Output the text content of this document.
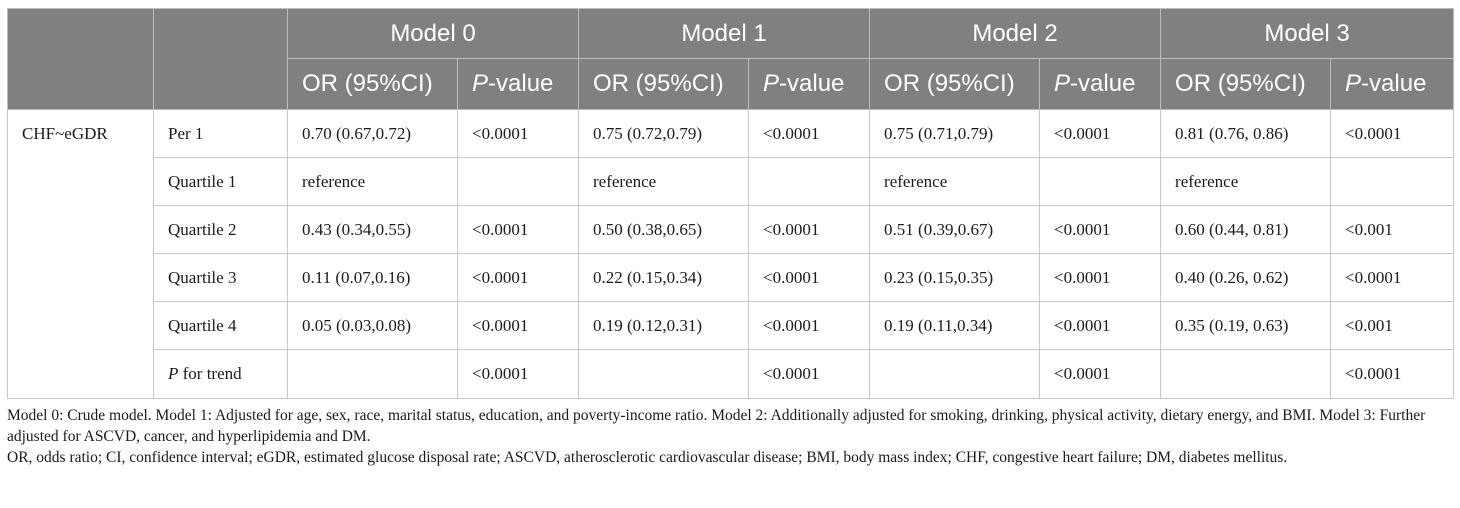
		Model 0		Model 1		Model 2		Model 3	
		OR (95%CI)	P-value	OR (95%CI)	P-value	OR (95%CI)	P-value	OR (95%CI)	P-value
CHF~eGDR	Per 1	0.70 (0.67,0.72)	<0.0001	0.75 (0.72,0.79)	<0.0001	0.75 (0.71,0.79)	<0.0001	0.81 (0.76, 0.86)	<0.0001
	Quartile 1	reference		reference		reference		reference	
	Quartile 2	0.43 (0.34,0.55)	<0.0001	0.50 (0.38,0.65)	<0.0001	0.51 (0.39,0.67)	<0.0001	0.60 (0.44, 0.81)	<0.001
	Quartile 3	0.11 (0.07,0.16)	<0.0001	0.22 (0.15,0.34)	<0.0001	0.23 (0.15,0.35)	<0.0001	0.40 (0.26, 0.62)	<0.0001
	Quartile 4	0.05 (0.03,0.08)	<0.0001	0.19 (0.12,0.31)	<0.0001	0.19 (0.11,0.34)	<0.0001	0.35 (0.19, 0.63)	<0.001
	P for trend		<0.0001		<0.0001		<0.0001		<0.0001

Model 0: Crude model. Model 1: Adjusted for age, sex, race, marital status, education, and poverty-income ratio. Model 2: Additionally adjusted for smoking, drinking, physical activity, dietary energy, and BMI. Model 3: Further adjusted for ASCVD, cancer, and hyperlipidemia and DM.

OR, odds ratio; CI, confidence interval; eGDR, estimated glucose disposal rate; ASCVD, atherosclerotic cardiovascular disease; BMI, body mass index; CHF, congestive heart failure; DM, diabetes mellitus.
